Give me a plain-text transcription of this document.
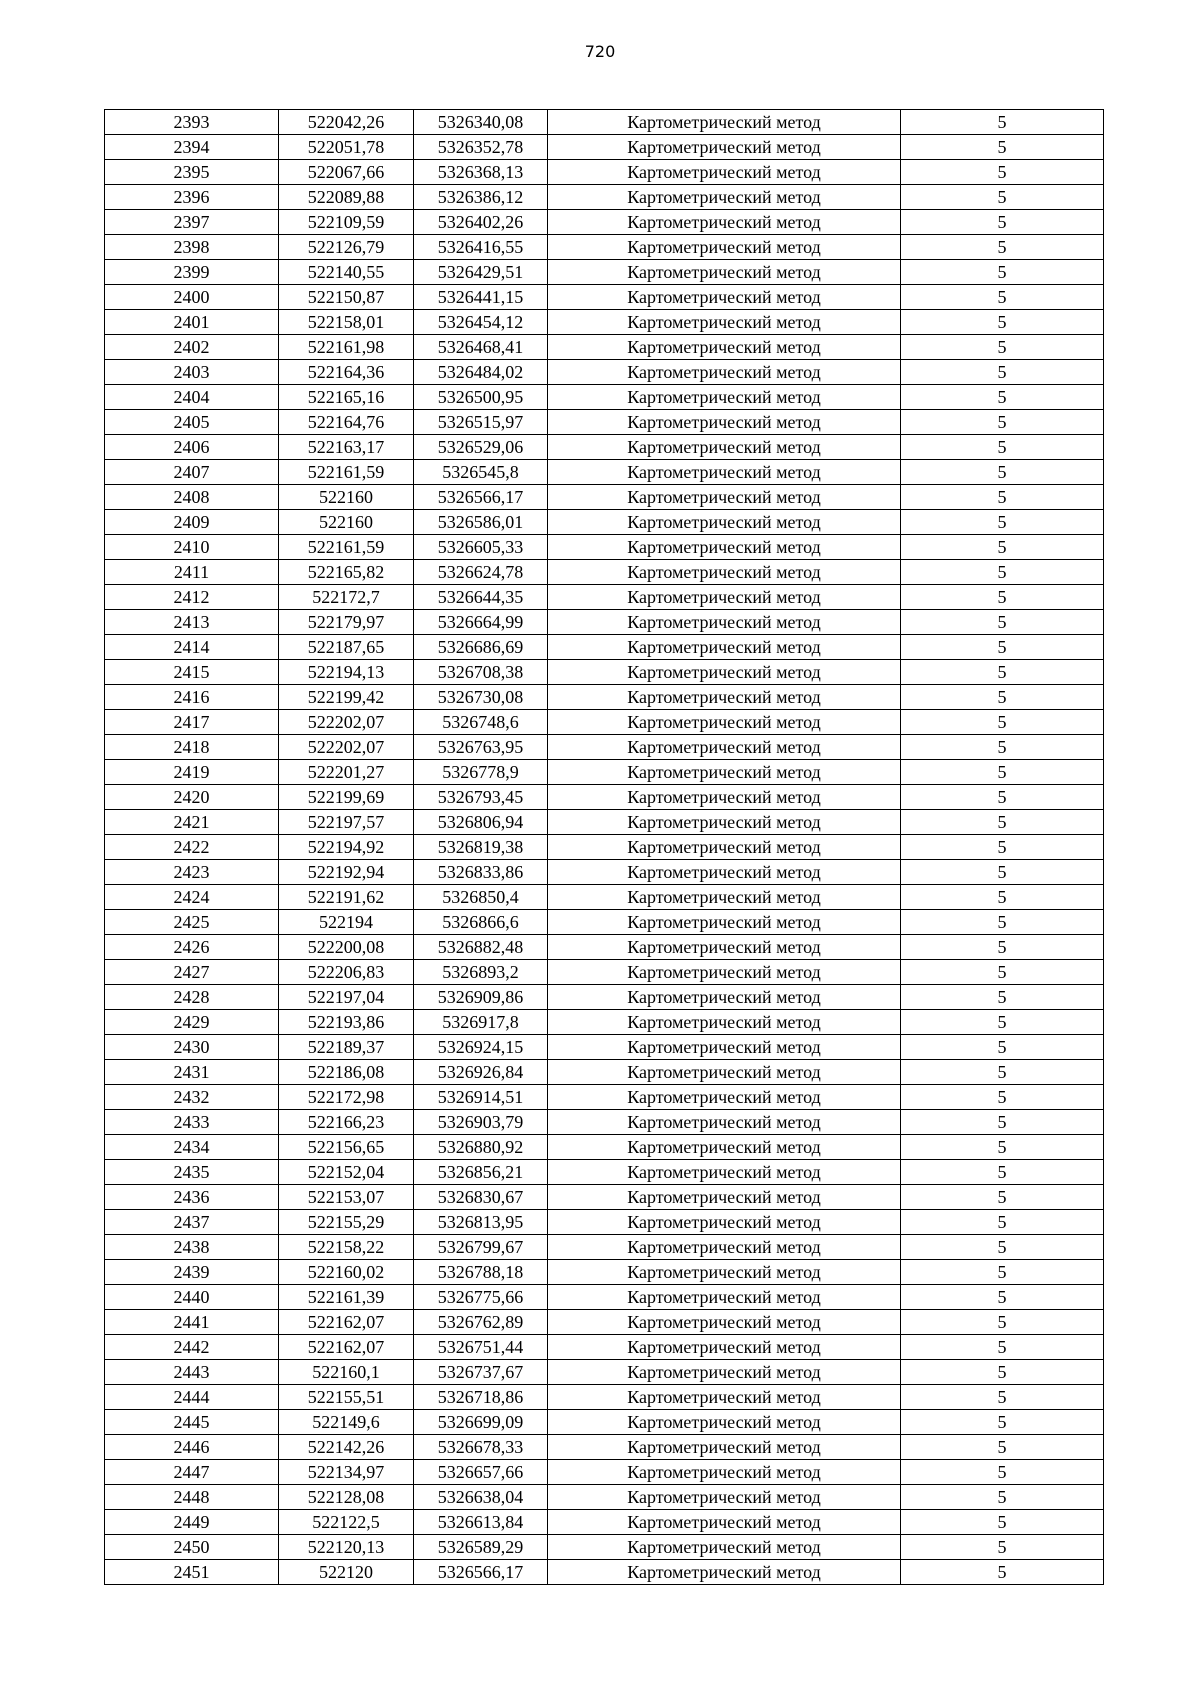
720
2393	522042,26	5326340,08	Картометрический метод	5
2394	522051,78	5326352,78	Картометрический метод	5
2395	522067,66	5326368,13	Картометрический метод	5
2396	522089,88	5326386,12	Картометрический метод	5
2397	522109,59	5326402,26	Картометрический метод	5
2398	522126,79	5326416,55	Картометрический метод	5
2399	522140,55	5326429,51	Картометрический метод	5
2400	522150,87	5326441,15	Картометрический метод	5
2401	522158,01	5326454,12	Картометрический метод	5
2402	522161,98	5326468,41	Картометрический метод	5
2403	522164,36	5326484,02	Картометрический метод	5
2404	522165,16	5326500,95	Картометрический метод	5
2405	522164,76	5326515,97	Картометрический метод	5
2406	522163,17	5326529,06	Картометрический метод	5
2407	522161,59	5326545,8	Картометрический метод	5
2408	522160	5326566,17	Картометрический метод	5
2409	522160	5326586,01	Картометрический метод	5
2410	522161,59	5326605,33	Картометрический метод	5
2411	522165,82	5326624,78	Картометрический метод	5
2412	522172,7	5326644,35	Картометрический метод	5
2413	522179,97	5326664,99	Картометрический метод	5
2414	522187,65	5326686,69	Картометрический метод	5
2415	522194,13	5326708,38	Картометрический метод	5
2416	522199,42	5326730,08	Картометрический метод	5
2417	522202,07	5326748,6	Картометрический метод	5
2418	522202,07	5326763,95	Картометрический метод	5
2419	522201,27	5326778,9	Картометрический метод	5
2420	522199,69	5326793,45	Картометрический метод	5
2421	522197,57	5326806,94	Картометрический метод	5
2422	522194,92	5326819,38	Картометрический метод	5
2423	522192,94	5326833,86	Картометрический метод	5
2424	522191,62	5326850,4	Картометрический метод	5
2425	522194	5326866,6	Картометрический метод	5
2426	522200,08	5326882,48	Картометрический метод	5
2427	522206,83	5326893,2	Картометрический метод	5
2428	522197,04	5326909,86	Картометрический метод	5
2429	522193,86	5326917,8	Картометрический метод	5
2430	522189,37	5326924,15	Картометрический метод	5
2431	522186,08	5326926,84	Картометрический метод	5
2432	522172,98	5326914,51	Картометрический метод	5
2433	522166,23	5326903,79	Картометрический метод	5
2434	522156,65	5326880,92	Картометрический метод	5
2435	522152,04	5326856,21	Картометрический метод	5
2436	522153,07	5326830,67	Картометрический метод	5
2437	522155,29	5326813,95	Картометрический метод	5
2438	522158,22	5326799,67	Картометрический метод	5
2439	522160,02	5326788,18	Картометрический метод	5
2440	522161,39	5326775,66	Картометрический метод	5
2441	522162,07	5326762,89	Картометрический метод	5
2442	522162,07	5326751,44	Картометрический метод	5
2443	522160,1	5326737,67	Картометрический метод	5
2444	522155,51	5326718,86	Картометрический метод	5
2445	522149,6	5326699,09	Картометрический метод	5
2446	522142,26	5326678,33	Картометрический метод	5
2447	522134,97	5326657,66	Картометрический метод	5
2448	522128,08	5326638,04	Картометрический метод	5
2449	522122,5	5326613,84	Картометрический метод	5
2450	522120,13	5326589,29	Картометрический метод	5
2451	522120	5326566,17	Картометрический метод	5
